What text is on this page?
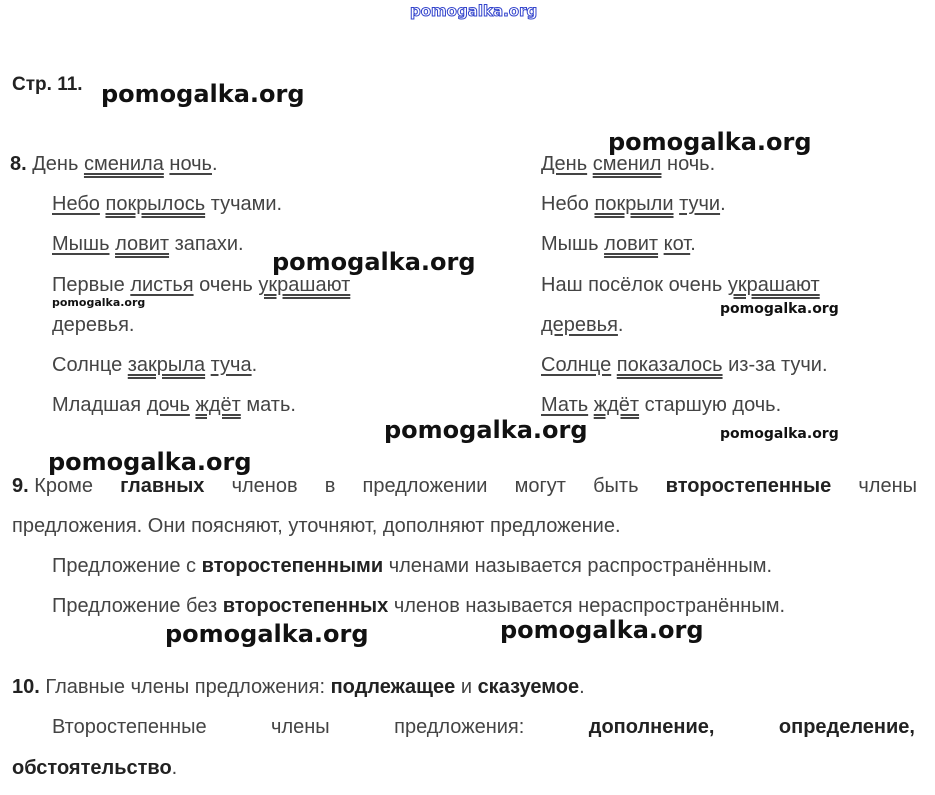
pomogalka.org
Стр. 11.
8. День сменила ночь.
Небо покрылось тучами.
Мышь ловит запахи.
Первые листья очень украшают
деревья.
Солнце закрыла туча.
Младшая дочь ждёт мать.
День сменил ночь.
Небо покрыли тучи.
Мышь ловит кот.
Наш посёлок очень украшают
деревья.
Солнце показалось из-за тучи.
Мать ждёт старшую дочь.
9. Кроме главных членов в предложении могут быть второстепенные члены
предложения. Они поясняют, уточняют, дополняют предложение.
Предложение с второстепенными членами называется распространённым.
Предложение без второстепенных членов называется нераспространённым.
10. Главные члены предложения: подлежащее и сказуемое.
Второстепенные	члены	предложения:	дополнение,	определение,
обстоятельство.
pomogalka.org
pomogalka.org
pomogalka.org
pomogalka.org	pomogalka.org
pomogalka.org	pomogalka.org
pomogalka.org
pomogalka.org	pomogalka.org
